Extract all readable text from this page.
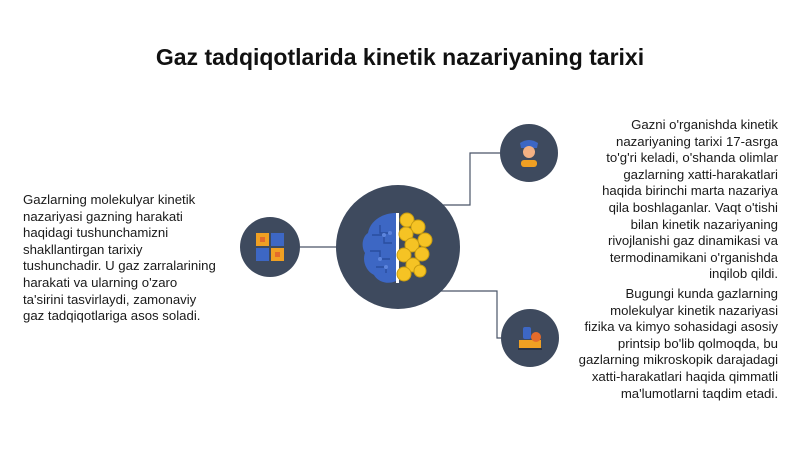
Gaz tadqiqotlarida kinetik nazariyaning tarixi
Gazlarning molekulyar kinetik nazariyasi gazning harakati haqidagi tushunchamizni shakllantirgan tarixiy tushunchadir. U gaz zarralarining harakati va ularning o'zaro ta'sirini tasvirlaydi, zamonaviy gaz tadqiqotlariga asos soladi.
Gazni o'rganishda kinetik nazariyaning tarixi 17-asrga to'g'ri keladi, o'shanda olimlar gazlarning xatti-harakatlari haqida birinchi marta nazariya qila boshlaganlar. Vaqt o'tishi bilan kinetik nazariyaning rivojlanishi gaz dinamikasi va termodinamikani o'rganishda inqilob qildi.
Bugungi kunda gazlarning molekulyar kinetik nazariyasi fizika va kimyo sohasidagi asosiy printsip bo'lib qolmoqda, bu gazlarning mikroskopik darajadagi xatti-harakatlari haqida qimmatli ma'lumotlarni taqdim etadi.
